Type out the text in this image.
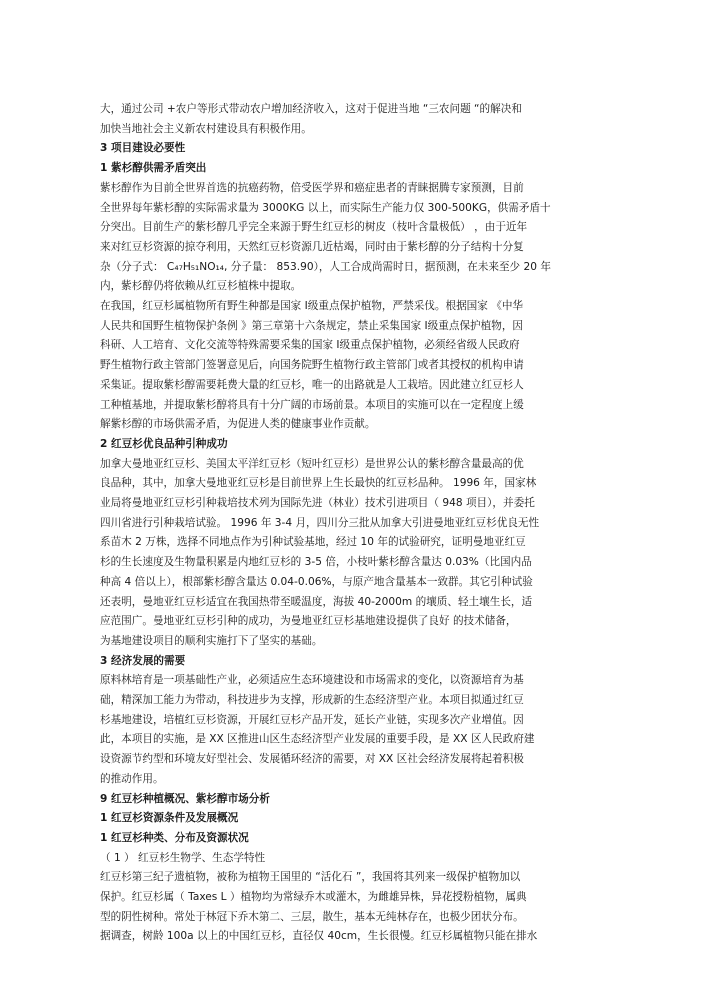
大，通过公司 +农户等形式带动农户增加经济收入，这对于促进当地 “三农问题 “的解决和
加快当地社会主义新农村建设具有积极作用。
3 项目建设必要性
1 紫杉醇供需矛盾突出
紫杉醇作为目前全世界首选的抗癌药物，倍受医学界和癌症患者的青睐据腾专家预测，目前
全世界每年紫杉醇的实际需求量为 3000KG 以上，而实际生产能力仅 300-500KG，供需矛盾十
分突出。目前生产的紫杉醇几乎完全来源于野生红豆杉的树皮（枝叶含量极低） ，由于近年
来对红豆杉资源的掠夺利用，天然红豆杉资源几近枯竭，同时由于紫杉醇的分子结构十分复
杂（分子式： C₄₇H₅₁NO₁₄, 分子量： 853.90），人工合成尚需时日，据预测，在未来至少 20 年
内，紫杉醇仍将依赖从红豆杉植株中提取。
在我国，红豆杉属植物所有野生种都是国家 Ⅰ级重点保护植物，严禁采伐。根据国家 《中华
人民共和国野生植物保护条例 》第三章第十六条规定，禁止采集国家 Ⅰ级重点保护植物，因
科研、人工培育、文化交流等特殊需要采集的国家 Ⅰ级重点保护植物，必须经省级人民政府
野生植物行政主管部门签署意见后，向国务院野生植物行政主管部门或者其授权的机构申请
采集证。提取紫杉醇需要耗费大量的红豆杉，唯一的出路就是人工栽培。因此建立红豆杉人
工种植基地，并提取紫杉醇将具有十分广阔的市场前景。本项目的实施可以在一定程度上缓
解紫杉醇的市场供需矛盾，为促进人类的健康事业作贡献。
2 红豆杉优良品种引种成功
加拿大曼地亚红豆杉、美国太平洋红豆杉（短叶红豆杉）是世界公认的紫杉醇含量最高的优
良品种，其中，加拿大曼地亚红豆杉是目前世界上生长最快的红豆杉品种。 1996 年，国家林
业局将曼地亚红豆杉引种栽培技术列为国际先进（林业）技术引进项目（ 948 项目），并委托
四川省进行引种栽培试验。 1996 年 3-4 月，四川分三批从加拿大引进曼地亚红豆杉优良无性
系苗木 2 万株，选择不同地点作为引种试验基地，经过 10 年的试验研究，证明曼地亚红豆
杉的生长速度及生物量积累是内地红豆杉的 3-5 倍，小枝叶紫杉醇含量达 0.03%（比国内品
种高 4 倍以上），根部紫杉醇含量达 0.04-0.06%，与原产地含量基本一致群。其它引种试验
还表明，曼地亚红豆杉适宜在我国热带至暖温度，海拔 40-2000m 的壤质、轻土壤生长，适
应范围广。曼地亚红豆杉引种的成功，为曼地亚红豆杉基地建设提供了良好 的技术储备，
为基地建设项目的顺利实施打下了坚实的基础。
3 经济发展的需要
原料林培育是一项基础性产业，必须适应生态环境建设和市场需求的变化，以资源培育为基
础，精深加工能力为带动，科技进步为支撑，形成新的生态经济型产业。本项目拟通过红豆
杉基地建设，培植红豆杉资源，开展红豆杉产品开发，延长产业链，实现多次产业增值。因
此，本项目的实施，是 XX 区推进山区生态经济型产业发展的重要手段，是 XX 区人民政府建
设资源节约型和环境友好型社会、发展循环经济的需要，对 XX 区社会经济发展将起着积极
的推动作用。
9 红豆杉种植概况、紫杉醇市场分析
1 红豆杉资源条件及发展概况
1 红豆杉种类、分布及资源状况
（ 1 ） 红豆杉生物学、生态学特性
红豆杉第三纪子遗植物，被称为植物王国里的 “活化石 ”，我国将其列来一级保护植物加以
保护。红豆杉属（ Taxes L ）植物均为常绿乔木或灌木，为雌雄异株，异花授粉植物，属典
型的阴性树种。常处于林冠下乔木第二、三层，散生，基本无纯林存在，也极少团状分布。
据调查，树龄 100a 以上的中国红豆杉，直径仅 40cm，生长很慢。红豆杉属植物只能在排水
